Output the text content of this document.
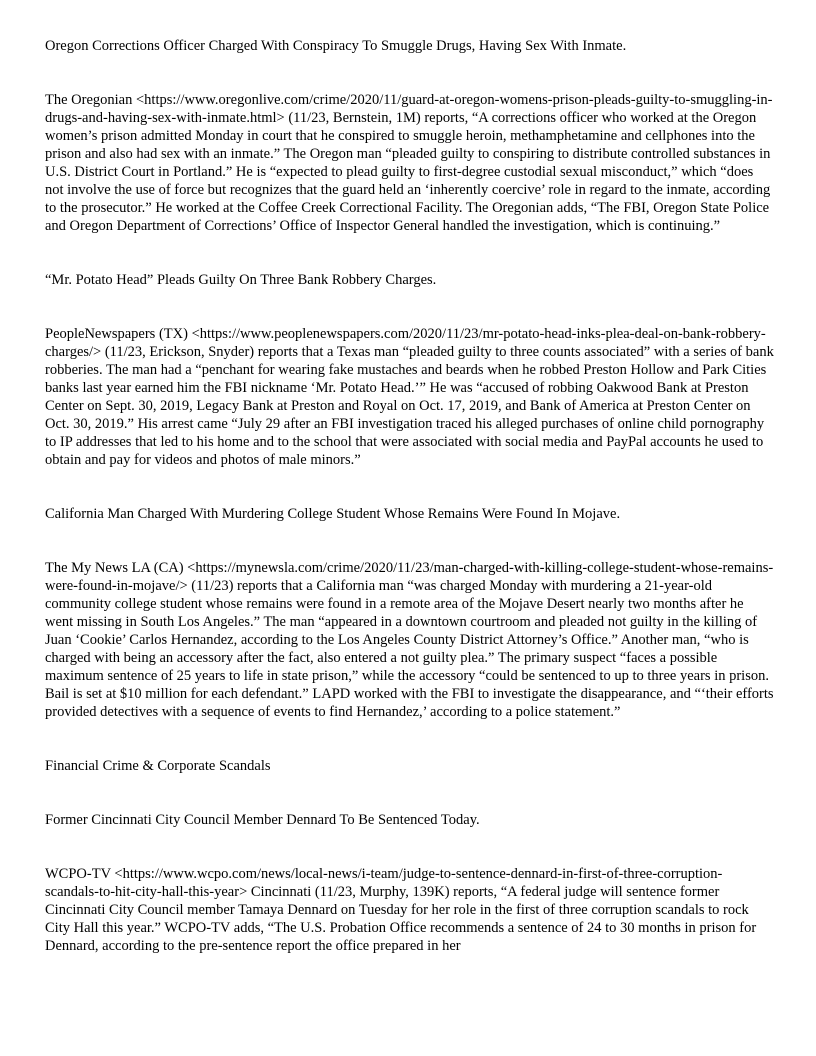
Oregon Corrections Officer Charged With Conspiracy To Smuggle Drugs, Having Sex With Inmate.

The Oregonian <https://www.oregonlive.com/crime/2020/11/guard-at-oregon-womens-prison-pleads-guilty-to-smuggling-in-drugs-and-having-sex-with-inmate.html> (11/23, Bernstein, 1M) reports, “A corrections officer who worked at the Oregon women’s prison admitted Monday in court that he conspired to smuggle heroin, methamphetamine and cellphones into the prison and also had sex with an inmate.” The Oregon man “pleaded guilty to conspiring to distribute controlled substances in U.S. District Court in Portland.” He is “expected to plead guilty to first-degree custodial sexual misconduct,” which “does not involve the use of force but recognizes that the guard held an ‘inherently coercive’ role in regard to the inmate, according to the prosecutor.” He worked at the Coffee Creek Correctional Facility. The Oregonian adds, “The FBI, Oregon State Police and Oregon Department of Corrections’ Office of Inspector General handled the investigation, which is continuing.”

“Mr. Potato Head” Pleads Guilty On Three Bank Robbery Charges.

PeopleNewspapers (TX) <https://www.peoplenewspapers.com/2020/11/23/mr-potato-head-inks-plea-deal-on-bank-robbery-charges/> (11/23, Erickson, Snyder) reports that a Texas man “pleaded guilty to three counts associated” with a series of bank robberies. The man had a “penchant for wearing fake mustaches and beards when he robbed Preston Hollow and Park Cities banks last year earned him the FBI nickname ‘Mr. Potato Head.’” He was “accused of robbing Oakwood Bank at Preston Center on Sept. 30, 2019, Legacy Bank at Preston and Royal on Oct. 17, 2019, and Bank of America at Preston Center on Oct. 30, 2019.” His arrest came “July 29 after an FBI investigation traced his alleged purchases of online child pornography to IP addresses that led to his home and to the school that were associated with social media and PayPal accounts he used to obtain and pay for videos and photos of male minors.”

California Man Charged With Murdering College Student Whose Remains Were Found In Mojave.

The My News LA (CA) <https://mynewsla.com/crime/2020/11/23/man-charged-with-killing-college-student-whose-remains-were-found-in-mojave/> (11/23) reports that a California man “was charged Monday with murdering a 21-year-old community college student whose remains were found in a remote area of the Mojave Desert nearly two months after he went missing in South Los Angeles.” The man “appeared in a downtown courtroom and pleaded not guilty in the killing of Juan ‘Cookie’ Carlos Hernandez, according to the Los Angeles County District Attorney’s Office.” Another man, “who is charged with being an accessory after the fact, also entered a not guilty plea.” The primary suspect “faces a possible maximum sentence of 25 years to life in state prison,” while the accessory “could be sentenced to up to three years in prison. Bail is set at $10 million for each defendant.” LAPD worked with the FBI to investigate the disappearance, and “‘their efforts provided detectives with a sequence of events to find Hernandez,’ according to a police statement.”

Financial Crime & Corporate Scandals

Former Cincinnati City Council Member Dennard To Be Sentenced Today.

WCPO-TV <https://www.wcpo.com/news/local-news/i-team/judge-to-sentence-dennard-in-first-of-three-corruption-scandals-to-hit-city-hall-this-year> Cincinnati (11/23, Murphy, 139K) reports, “A federal judge will sentence former Cincinnati City Council member Tamaya Dennard on Tuesday for her role in the first of three corruption scandals to rock City Hall this year.” WCPO-TV adds, “The U.S. Probation Office recommends a sentence of 24 to 30 months in prison for Dennard, according to the pre-sentence report the office prepared in her
